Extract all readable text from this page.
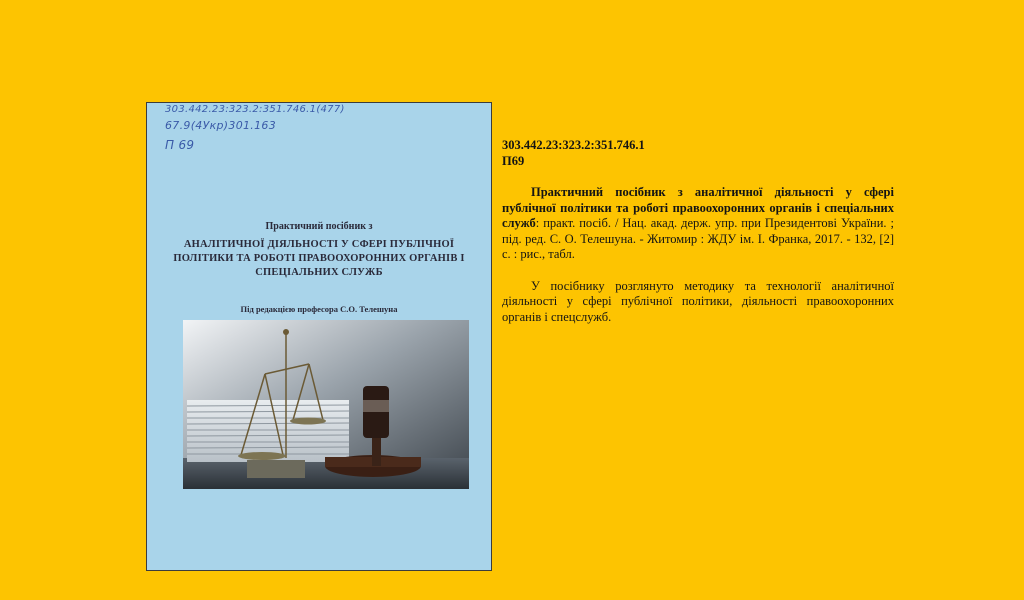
303.442.23:323.2:351.746.1(477)
67.9(4Укр)301.163
П 69
Практичний посібник з
АНАЛІТИЧНОЇ ДІЯЛЬНОСТІ У СФЕРІ ПУБЛІЧНОЇ ПОЛІТИКИ ТА РОБОТІ ПРАВООХОРОННИХ ОРГАНІВ І СПЕЦІАЛЬНИХ СЛУЖБ
Під редакцією професора С.О. Телешуна
303.442.23:323.2:351.746.1
П69

Практичний посібник з аналітичної діяльності у сфері публічної політики та роботі правоохоронних органів і спеціальних служб: практ. посіб. / Нац. акад. держ. упр. при Президентові України. ; під. ред. С. О. Телешуна. - Житомир : ЖДУ ім. І. Франка, 2017. - 132, [2] с. : рис., табл.

У посібнику розглянуто методику та технології аналітичної діяльності у сфері публічної політики, діяльності правоохоронних органів і спецслужб.
